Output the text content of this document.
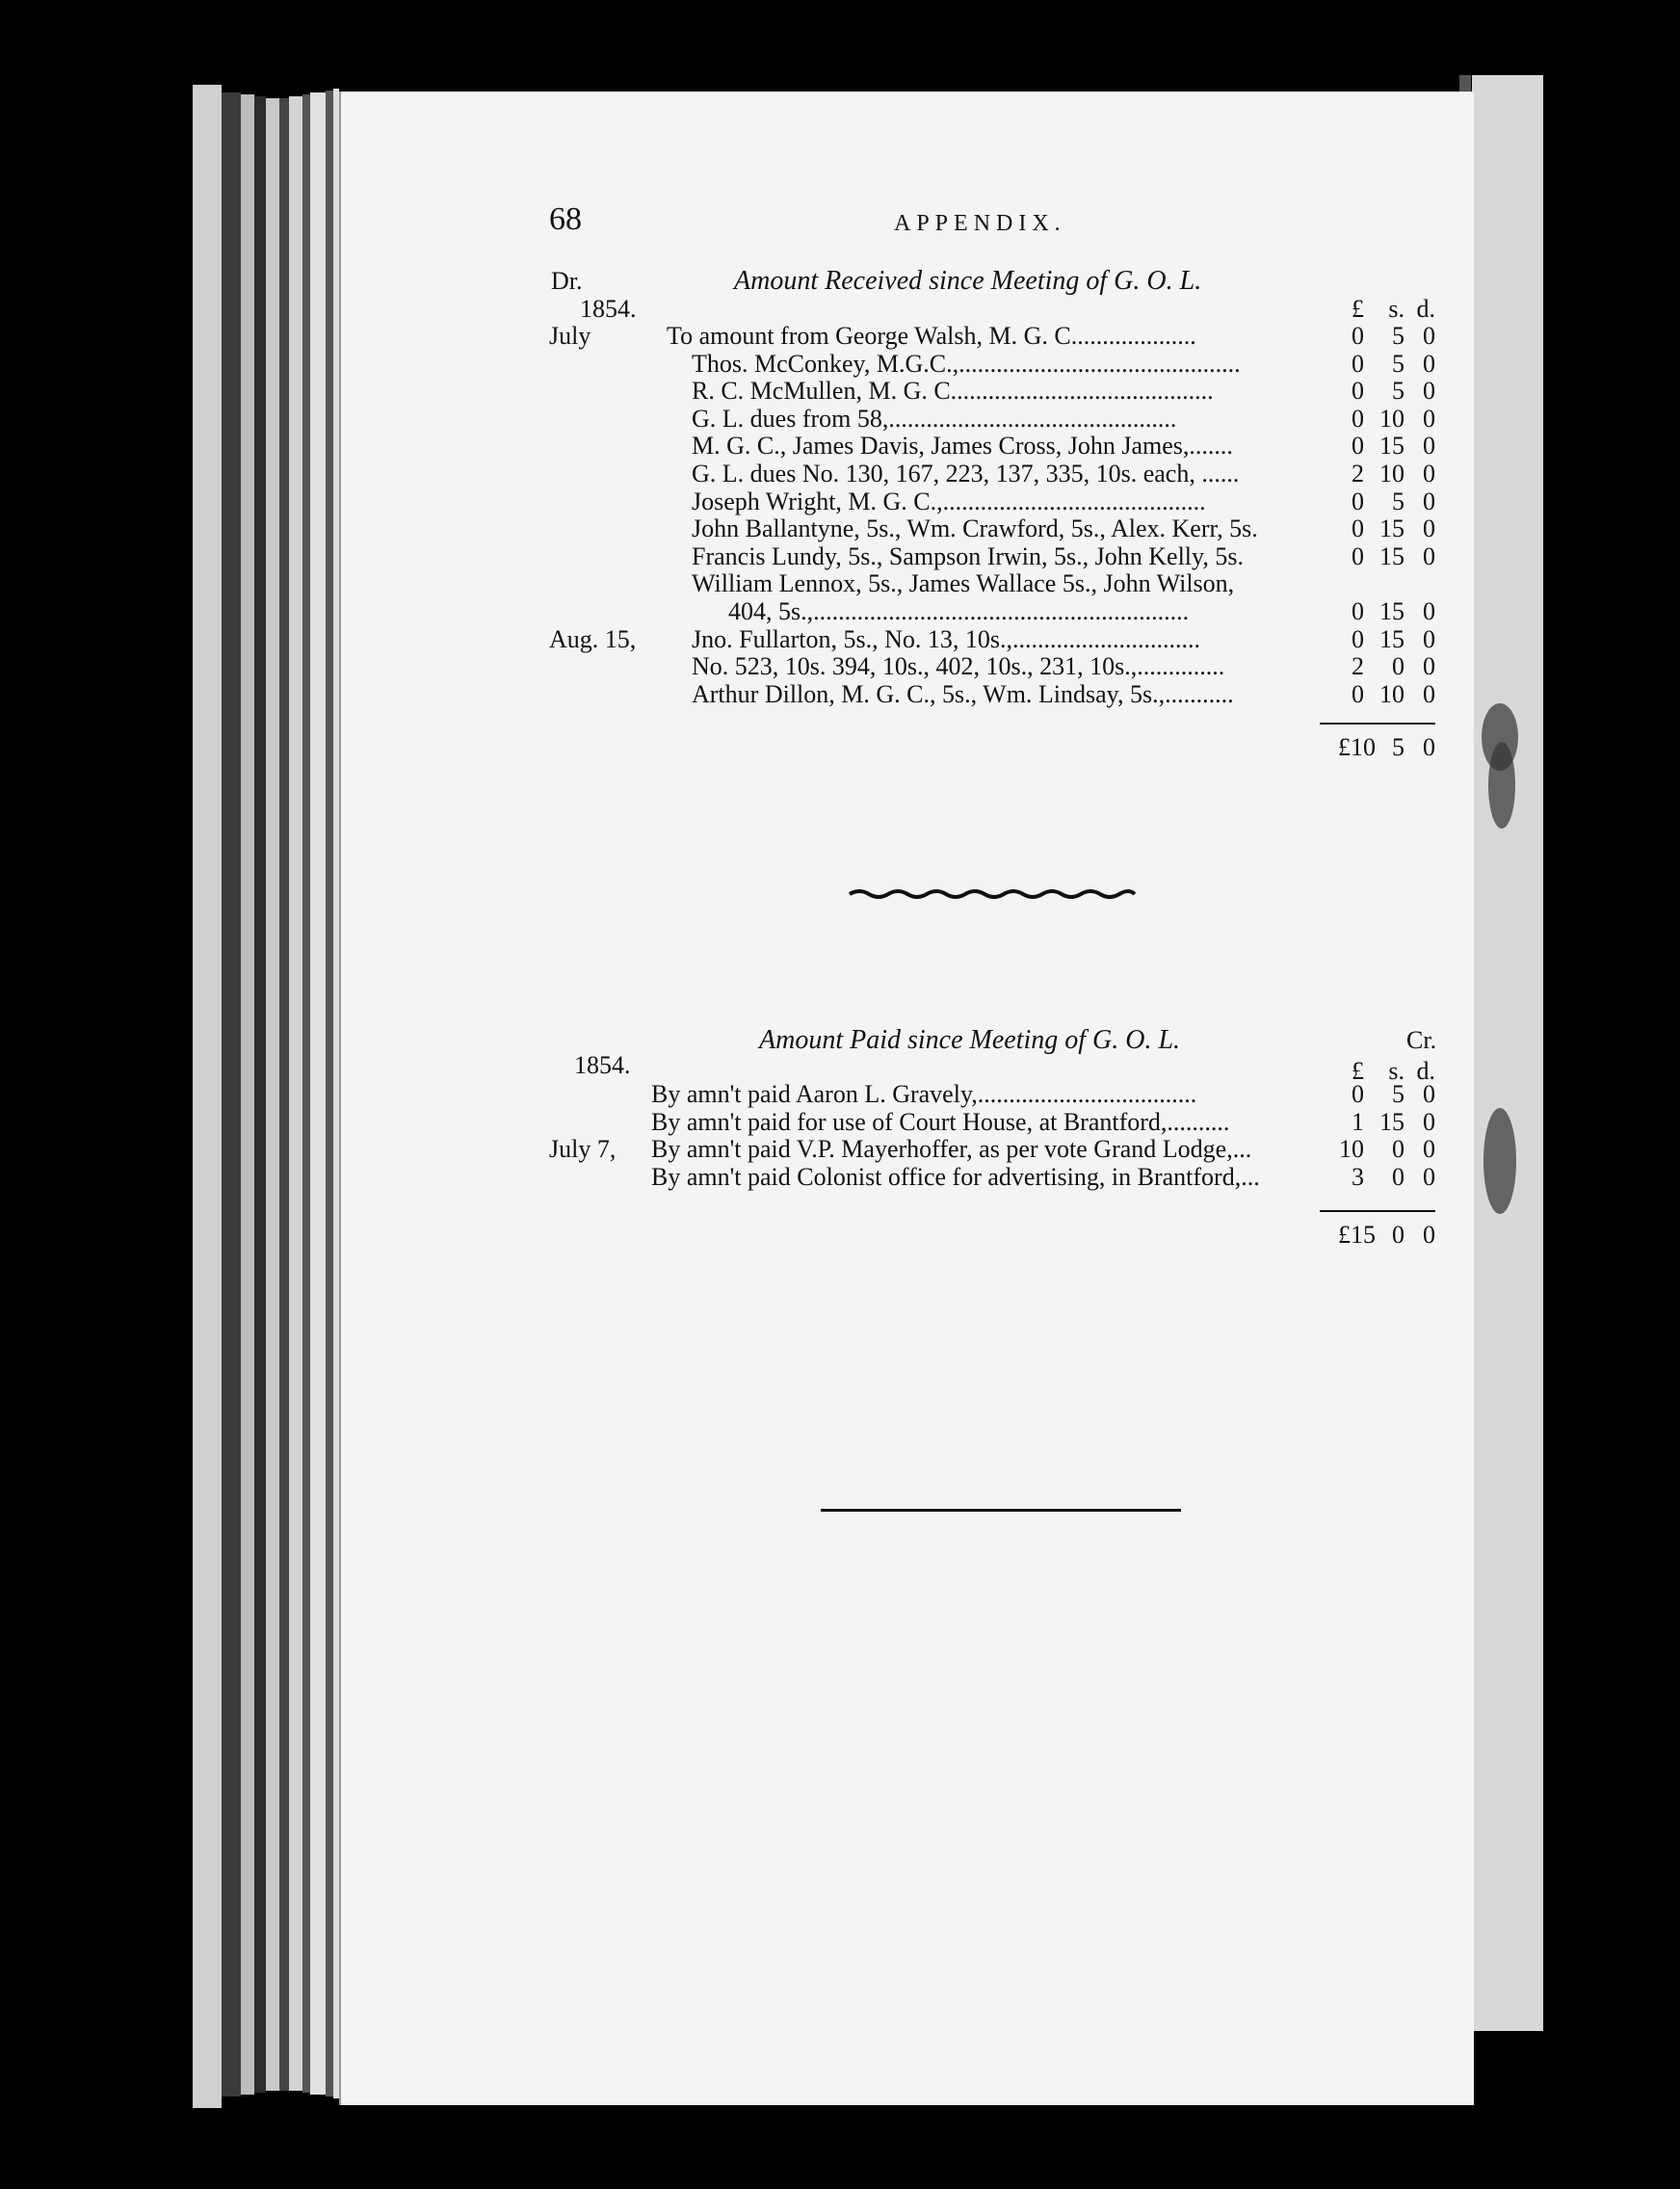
68	APPENDIX.
Dr.	Amount Received since Meeting of G. O. L.
1854.	£ s. d.
July	To amount from George Walsh, M. G. C....................	0	5 0
Thos. McConkey, M.G.C.,.............................................	0	5 0
R. C. McMullen, M. G. C..........................................	0	5 0
G. L. dues from 58,..............................................	0 10 0
M. G. C., James Davis, James Cross, John James,.......	0 15 0
G. L. dues No. 130, 167, 223, 137, 335, 10s. each, ......	2 10 0
Joseph Wright, M. G. C.,..........................................	0	5 0
John Ballantyne, 5s., Wm. Crawford, 5s., Alex. Kerr, 5s.	0 15 0
Francis Lundy, 5s., Sampson Irwin, 5s., John Kelly, 5s.	0 15 0
William Lennox, 5s., James Wallace 5s., John Wilson,
404, 5s.,............................................................	0 15 0
Aug. 15, Jno. Fullarton, 5s., No. 13, 10s.,..............................	0 15 0
No. 523, 10s. 394, 10s., 402, 10s., 231, 10s.,..............	2	0 0
Arthur Dillon, M. G. C., 5s., Wm. Lindsay, 5s.,...........	0 10 0
£10 5 0
Amount Paid since Meeting of G. O. L.	Cr.
1854.	£ s. d.
By amn't paid Aaron L. Gravely,...................................	0	5 0
By amn't paid for use of Court House, at Brantford,..........	1 15 0
July 7, By amn't paid V.P. Mayerhoffer, as per vote Grand Lodge,...	10	0 0
By amn't paid Colonist office for advertising, in Brantford,...	3	0 0
£15 0 0
